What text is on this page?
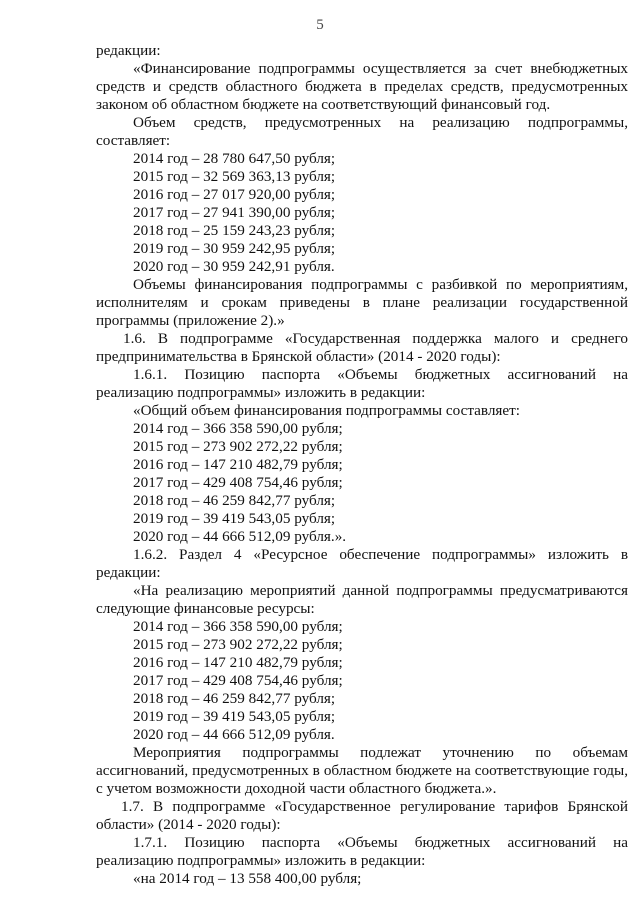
5

редакции:

«Финансирование подпрограммы осуществляется за счет внебюджетных средств и средств областного бюджета в пределах средств, предусмотренных законом об областном бюджете на соответствующий финансовый год.

Объем средств, предусмотренных на реализацию подпрограммы, составляет:

2014 год – 28 780 647,50 рубля;

2015 год – 32 569 363,13 рубля;

2016 год – 27 017 920,00 рубля;

2017 год – 27 941 390,00 рубля;

2018 год – 25 159 243,23 рубля;

2019 год – 30 959 242,95 рубля;

2020 год – 30 959 242,91 рубля.

Объемы финансирования подпрограммы с разбивкой по мероприятиям, исполнителям и срокам приведены в плане реализации государственной программы (приложение 2).»

1.6. В подпрограмме «Государственная поддержка малого и среднего предпринимательства в Брянской области» (2014 - 2020 годы):

1.6.1. Позицию паспорта «Объемы бюджетных ассигнований на реализацию подпрограммы» изложить в редакции:

«Общий объем финансирования подпрограммы составляет:

2014 год – 366 358 590,00 рубля;

2015 год – 273 902 272,22 рубля;

2016 год – 147 210 482,79 рубля;

2017 год – 429 408 754,46 рубля;

2018 год – 46 259 842,77 рубля;

2019 год – 39 419 543,05 рубля;

2020 год – 44 666 512,09 рубля.».

1.6.2. Раздел 4 «Ресурсное обеспечение подпрограммы» изложить в редакции:

«На реализацию мероприятий данной подпрограммы предусматриваются следующие финансовые ресурсы:

2014 год – 366 358 590,00 рубля;

2015 год – 273 902 272,22 рубля;

2016 год – 147 210 482,79 рубля;

2017 год – 429 408 754,46 рубля;

2018 год – 46 259 842,77 рубля;

2019 год – 39 419 543,05 рубля;

2020 год – 44 666 512,09 рубля.

Мероприятия подпрограммы подлежат уточнению по объемам ассигнований, предусмотренных в областном бюджете на соответствующие годы, с учетом возможности доходной части областного бюджета.».

1.7. В подпрограмме «Государственное регулирование тарифов Брянской области» (2014 - 2020 годы):

1.7.1. Позицию паспорта «Объемы бюджетных ассигнований на реализацию подпрограммы» изложить в редакции:

«на 2014 год – 13 558 400,00 рубля;
